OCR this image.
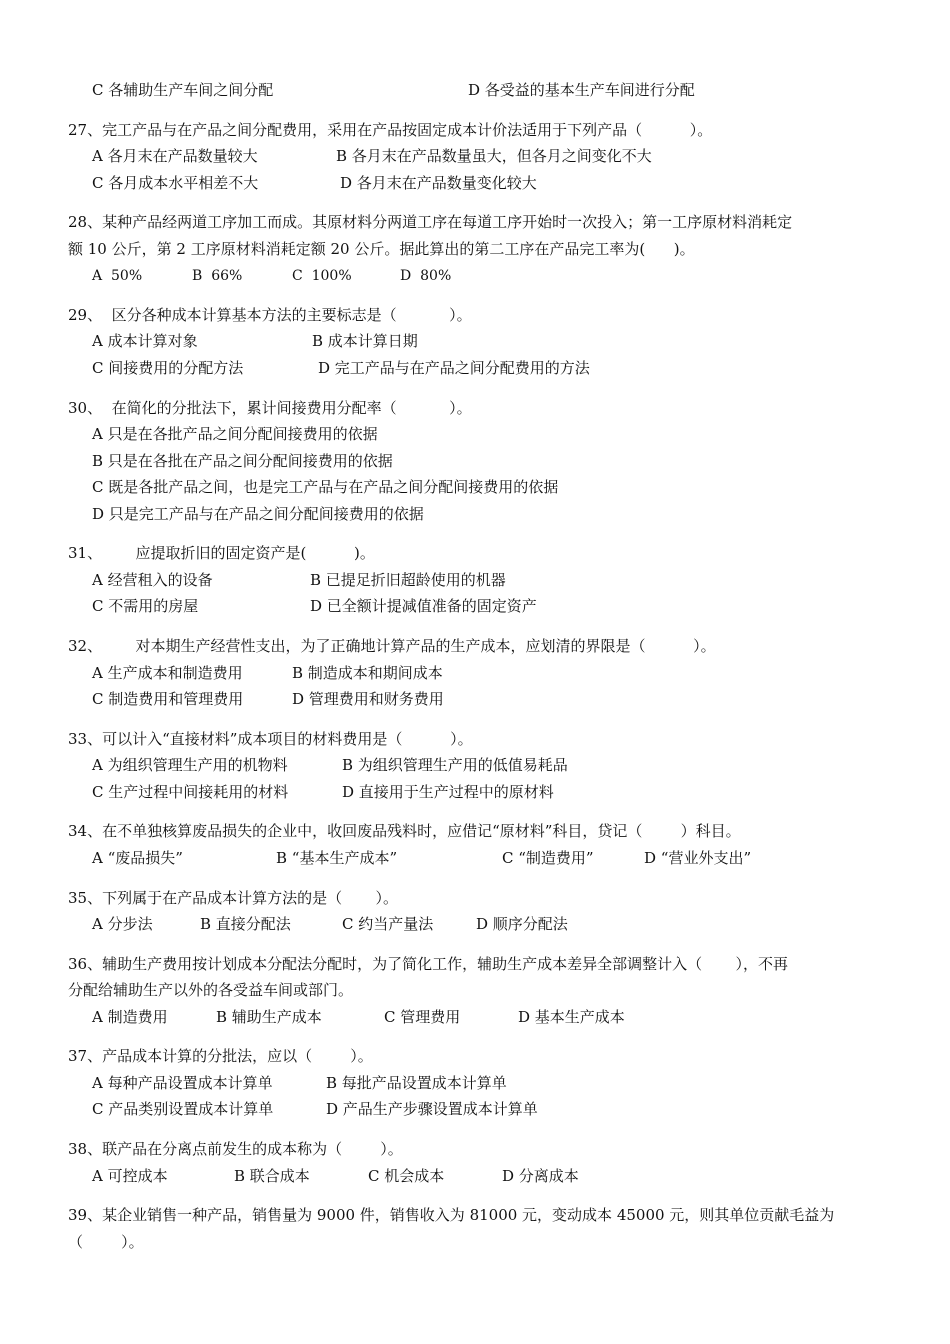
C 各辅助生产车间之间分配	D 各受益的基本生产车间进行分配
27、完工产品与在产品之间分配费用，采用在产品按固定成本计价法适用于下列产品（          ）。
A 各月末在产品数量较大	B 各月末在产品数量虽大，但各月之间变化不大
C 各月成本水平相差不大	D 各月末在产品数量变化较大
28、某种产品经两道工序加工而成。其原材料分两道工序在每道工序开始时一次投入；第一工序原材料消耗定
额 10 公斤，第 2 工序原材料消耗定额 20 公斤。据此算出的第二工序在产品完工率为(      )。
A  50%	B  66%	C  100%	D  80%
29、  区分各种成本计算基本方法的主要标志是（           ）。
A 成本计算对象	B 成本计算日期
C 间接费用的分配方法	D 完工产品与在产品之间分配费用的方法
30、  在简化的分批法下，累计间接费用分配率（           ）。
A 只是在各批产品之间分配间接费用的依据
B 只是在各批在产品之间分配间接费用的依据
C 既是各批产品之间，也是完工产品与在产品之间分配间接费用的依据
D 只是完工产品与在产品之间分配间接费用的依据
31、       应提取折旧的固定资产是(          )。
A 经营租入的设备	B 已提足折旧超龄使用的机器
C 不需用的房屋	D 已全额计提减值准备的固定资产
32、       对本期生产经营性支出，为了正确地计算产品的生产成本，应划清的界限是（          ）。
A 生产成本和制造费用	B 制造成本和期间成本
C 制造费用和管理费用	D 管理费用和财务费用
33、可以计入“直接材料”成本项目的材料费用是（          ）。
A 为组织管理生产用的机物料	B 为组织管理生产用的低值易耗品
C 生产过程中间接耗用的材料	D 直接用于生产过程中的原材料
34、在不单独核算废品损失的企业中，收回废品残料时，应借记“原材料”科目，贷记（        ）科目。
A “废品损失”	B “基本生产成本”	C “制造费用”	D “营业外支出”
35、下列属于在产品成本计算方法的是（       ）。
A 分步法	B 直接分配法	C 约当产量法	D 顺序分配法
36、辅助生产费用按计划成本分配法分配时，为了简化工作，辅助生产成本差异全部调整计入（       ），不再
分配给辅助生产以外的各受益车间或部门。
A 制造费用	B 辅助生产成本	C 管理费用	D 基本生产成本
37、产品成本计算的分批法，应以（        ）。
A 每种产品设置成本计算单	B 每批产品设置成本计算单
C 产品类别设置成本计算单	D 产品生产步骤设置成本计算单
38、联产品在分离点前发生的成本称为（        ）。
A 可控成本	B 联合成本	C 机会成本	D 分离成本
39、某企业销售一种产品，销售量为 9000 件，销售收入为 81000 元，变动成本 45000 元，则其单位贡献毛益为
（        ）。
